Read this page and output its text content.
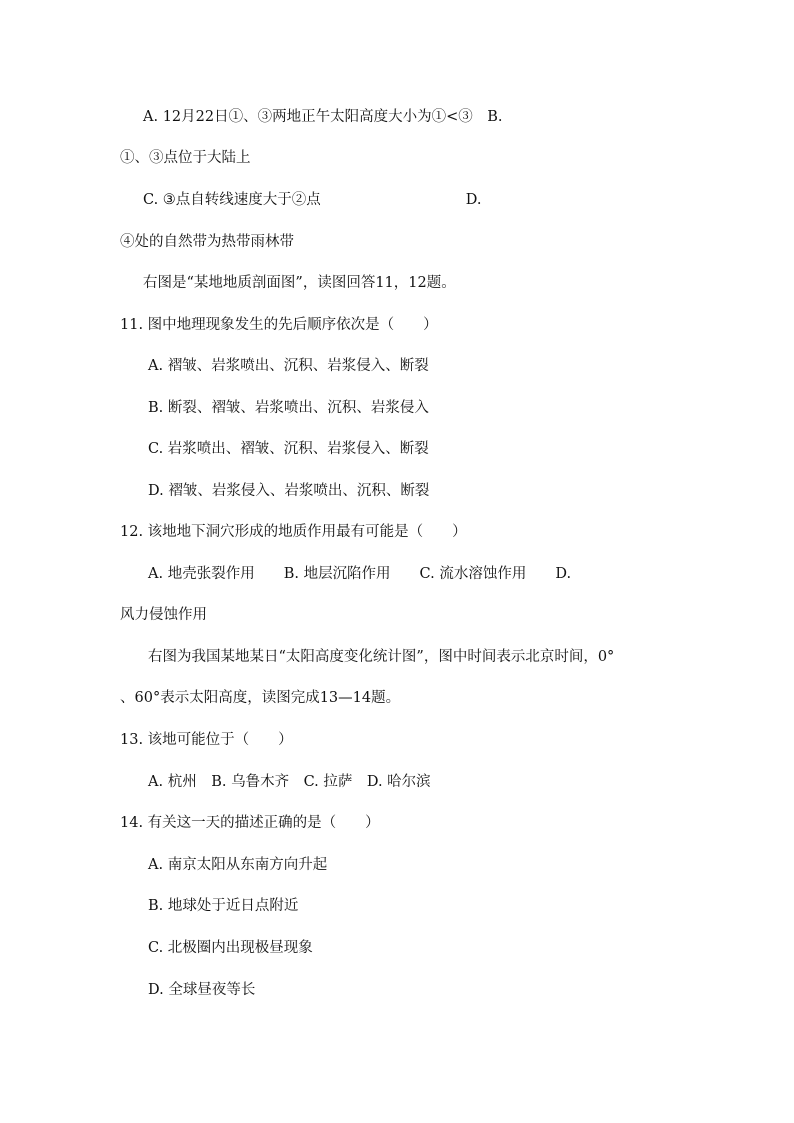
A. 12月22日①、③两地正午太阳高度大小为①<③　B.
①、③点位于大陆上
C. ③点自转线速度大于②点　　　　　　　　　　D.
④处的自然带为热带雨林带
右图是“某地地质剖面图”，读图回答11，12题。
11. 图中地理现象发生的先后顺序依次是（　　）
A. 褶皱、岩浆喷出、沉积、岩浆侵入、断裂
B. 断裂、褶皱、岩浆喷出、沉积、岩浆侵入
C. 岩浆喷出、褶皱、沉积、岩浆侵入、断裂
D. 褶皱、岩浆侵入、岩浆喷出、沉积、断裂
12. 该地地下洞穴形成的地质作用最有可能是（　　）
A. 地壳张裂作用　　B. 地层沉陷作用　　C. 流水溶蚀作用　　D.
风力侵蚀作用
右图为我国某地某日“太阳高度变化统计图”，图中时间表示北京时间，0°
、60°表示太阳高度，读图完成13—14题。
13. 该地可能位于（　　）
A. 杭州　B. 乌鲁木齐　C. 拉萨　D. 哈尔滨
14. 有关这一天的描述正确的是（　　）
A. 南京太阳从东南方向升起
B. 地球处于近日点附近
C. 北极圈内出现极昼现象
D. 全球昼夜等长
